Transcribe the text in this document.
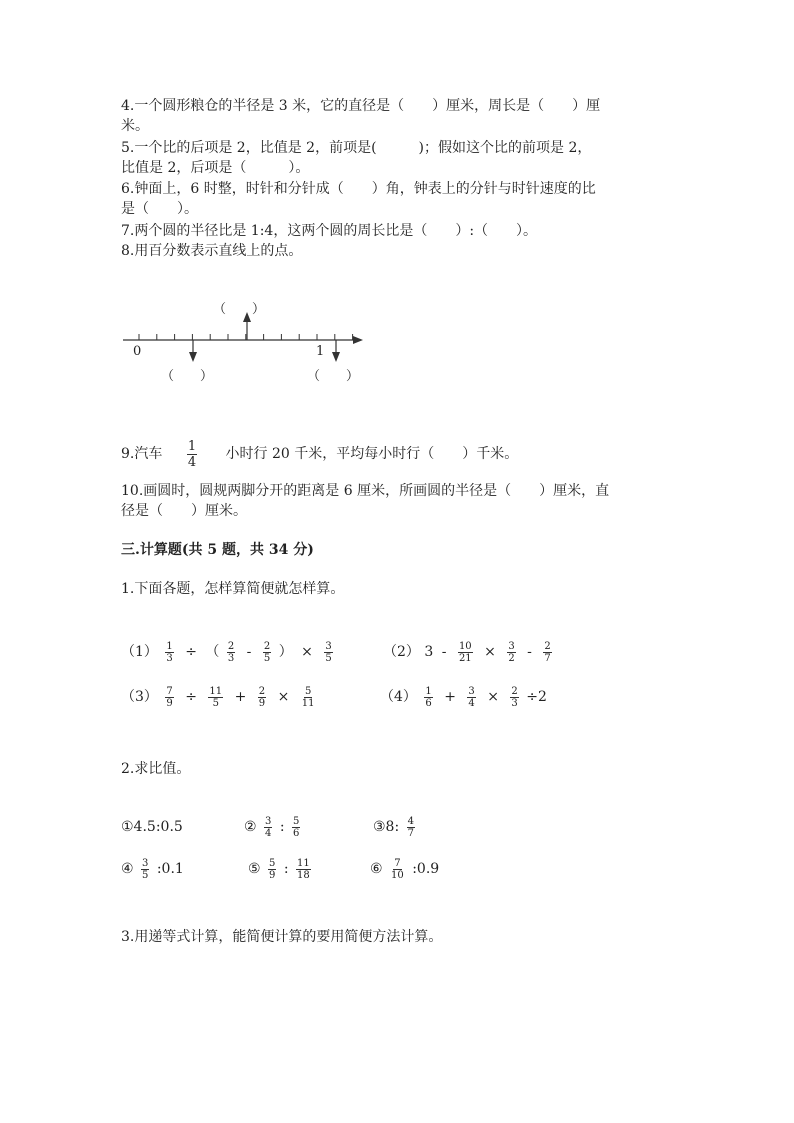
4.一个圆形粮仓的半径是 3 米，它的直径是（　　）厘米，周长是（　　）厘
米。
5.一个比的后项是 2，比值是 2，前项是(　　　)；假如这个比的前项是 2，
比值是 2，后项是（　　　）。
6.钟面上，6 时整，时针和分针成（　　）角，钟表上的分针与时针速度的比
是（　　）。
7.两个圆的半径比是 1:4，这两个圆的周长比是（　　）:（　　）。
8.用百分数表示直线上的点。
0	1
（　　）
（　　）	（　　）
9.汽车 $\frac{1}{4}$ 小时行 20 千米，平均每小时行（　　）千米。
10.画圆时，圆规两脚分开的距离是 6 厘米，所画圆的半径是（　　）厘米，直
径是（　　）厘米。
三.计算题(共 5 题，共 34 分)
1.下面各题，怎样算简便就怎样算。
$(1) \frac{1}{3}$ ÷ （ $\frac{2}{3} - \frac{2}{5}$ ） × $\frac{3}{5}$	（2） $3 - \frac{10}{21} \times \frac{3}{2} - \frac{2}{7}$
$(3) \frac{7}{9} \div \frac{11}{5} + \frac{2}{9} \times \frac{5}{11}$	$(4) \frac{1}{6} + \frac{3}{4} \times \frac{2}{3} \div 2$
2.求比值。
①4.5:0.5	② $\frac{3}{4}$ : $\frac{5}{6}$	③8: $\frac{4}{7}$
④ $\frac{3}{5}$ :0.1	⑤ $\frac{5}{9}$ : $\frac{11}{18}$	⑥ $\frac{7}{10}$ :0.9
3.用递等式计算，能简便计算的要用简便方法计算。
